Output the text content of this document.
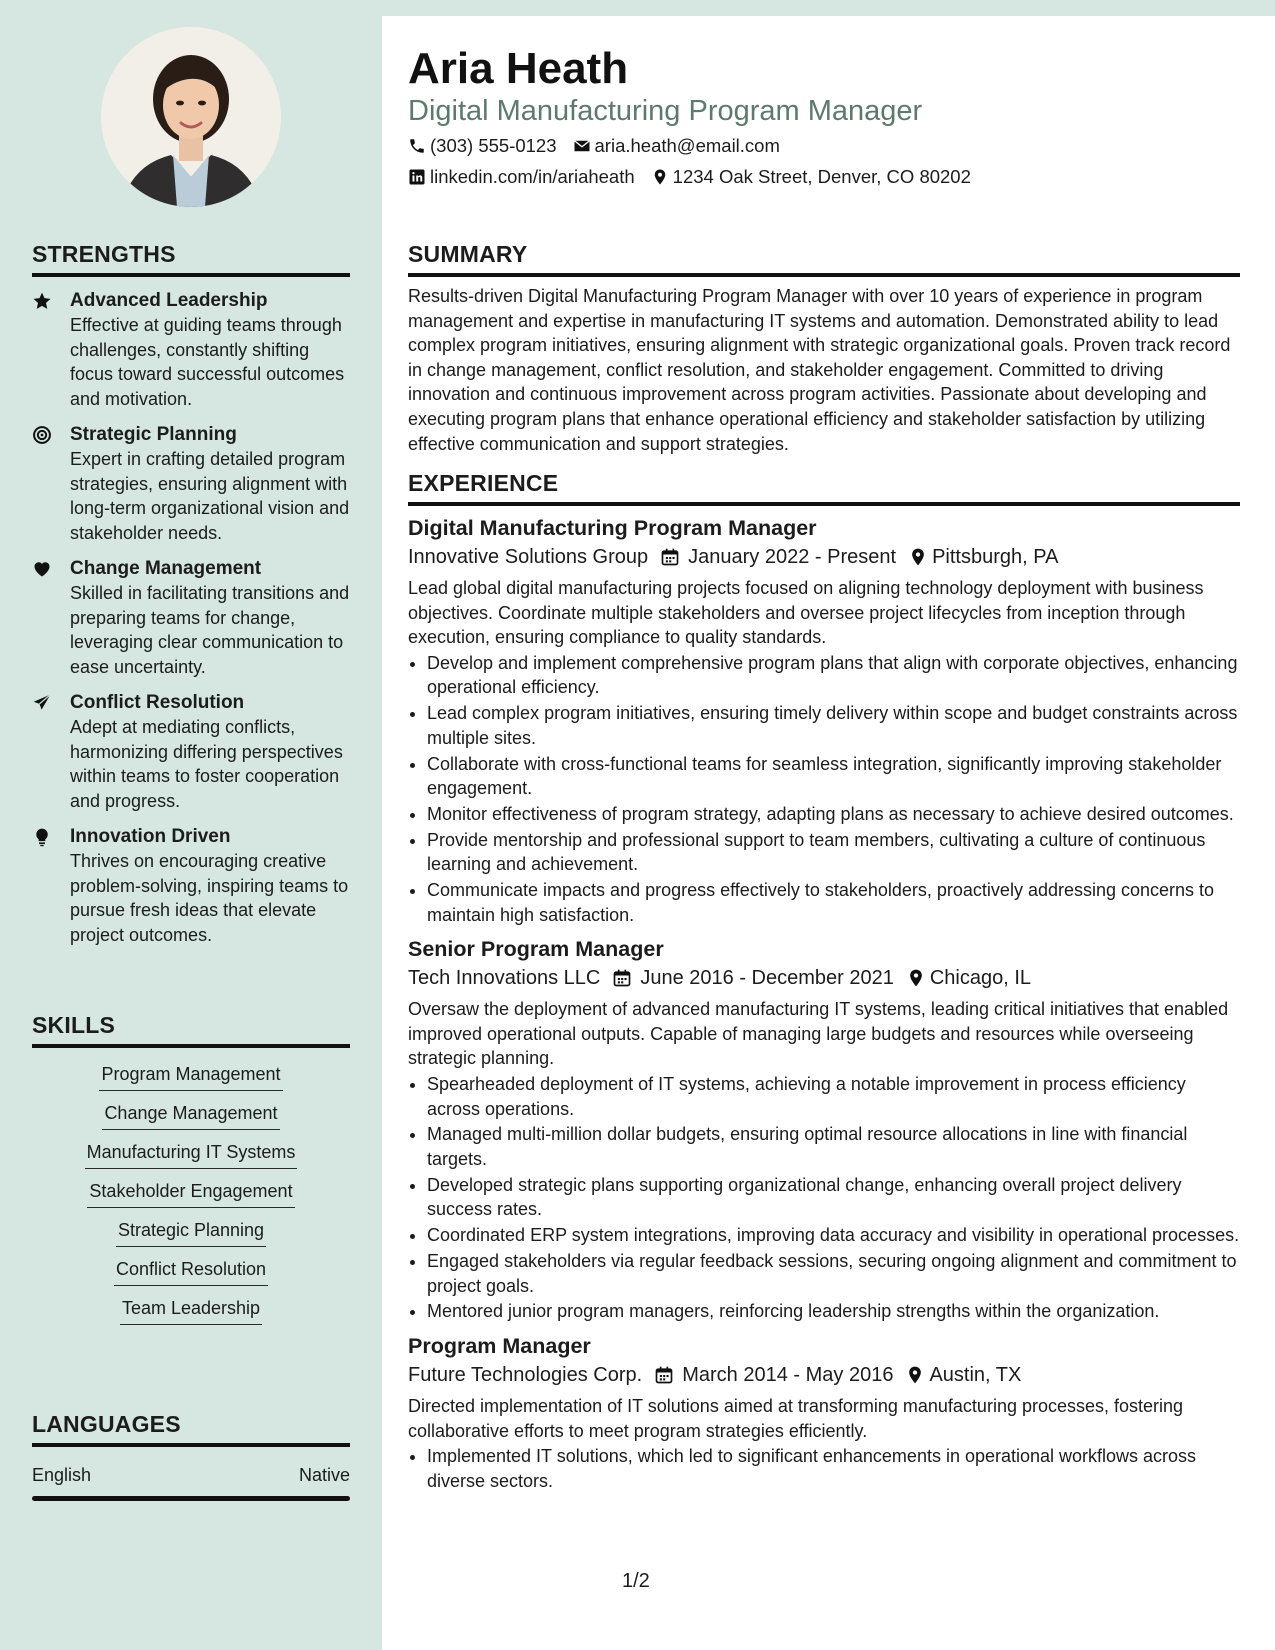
STRENGTHS
Advanced Leadership
Effective at guiding teams through challenges, constantly shifting focus toward successful outcomes and motivation.
Strategic Planning
Expert in crafting detailed program strategies, ensuring alignment with long-term organizational vision and stakeholder needs.
Change Management
Skilled in facilitating transitions and preparing teams for change, leveraging clear communication to ease uncertainty.
Conflict Resolution
Adept at mediating conflicts, harmonizing differing perspectives within teams to foster cooperation and progress.
Innovation Driven
Thrives on encouraging creative problem-solving, inspiring teams to pursue fresh ideas that elevate project outcomes.
SKILLS
Program Management
Change Management
Manufacturing IT Systems
Stakeholder Engagement
Strategic Planning
Conflict Resolution
Team Leadership
LANGUAGES
English	Native
Aria Heath
Digital Manufacturing Program Manager
(303) 555-0123 aria.heath@email.com
linkedin.com/in/ariaheath 1234 Oak Street, Denver, CO 80202
SUMMARY

Results-driven Digital Manufacturing Program Manager with over 10 years of experience in program management and expertise in manufacturing IT systems and automation. Demonstrated ability to lead complex program initiatives, ensuring alignment with strategic organizational goals. Proven track record in change management, conflict resolution, and stakeholder engagement. Committed to driving innovation and continuous improvement across program activities. Passionate about developing and executing program plans that enhance operational efficiency and stakeholder satisfaction by utilizing effective communication and support strategies.

EXPERIENCE
Digital Manufacturing Program Manager
Innovative Solutions Group January 2022 - Present Pittsburgh, PA

Lead global digital manufacturing projects focused on aligning technology deployment with business objectives. Coordinate multiple stakeholders and oversee project lifecycles from inception through execution, ensuring compliance to quality standards.

• Develop and implement comprehensive program plans that align with corporate objectives, enhancing operational efficiency.
• Lead complex program initiatives, ensuring timely delivery within scope and budget constraints across multiple sites.
• Collaborate with cross-functional teams for seamless integration, significantly improving stakeholder engagement.
• Monitor effectiveness of program strategy, adapting plans as necessary to achieve desired outcomes.
• Provide mentorship and professional support to team members, cultivating a culture of continuous learning and achievement.
• Communicate impacts and progress effectively to stakeholders, proactively addressing concerns to maintain high satisfaction.
Senior Program Manager
Tech Innovations LLC June 2016 - December 2021 Chicago, IL

Oversaw the deployment of advanced manufacturing IT systems, leading critical initiatives that enabled improved operational outputs. Capable of managing large budgets and resources while overseeing strategic planning.

• Spearheaded deployment of IT systems, achieving a notable improvement in process efficiency across operations.
• Managed multi-million dollar budgets, ensuring optimal resource allocations in line with financial targets.
• Developed strategic plans supporting organizational change, enhancing overall project delivery success rates.
• Coordinated ERP system integrations, improving data accuracy and visibility in operational processes.
• Engaged stakeholders via regular feedback sessions, securing ongoing alignment and commitment to project goals.
• Mentored junior program managers, reinforcing leadership strengths within the organization.
Program Manager
Future Technologies Corp. March 2014 - May 2016 Austin, TX

Directed implementation of IT solutions aimed at transforming manufacturing processes, fostering collaborative efforts to meet program strategies efficiently.

• Implemented IT solutions, which led to significant enhancements in operational workflows across diverse sectors.
1/2
